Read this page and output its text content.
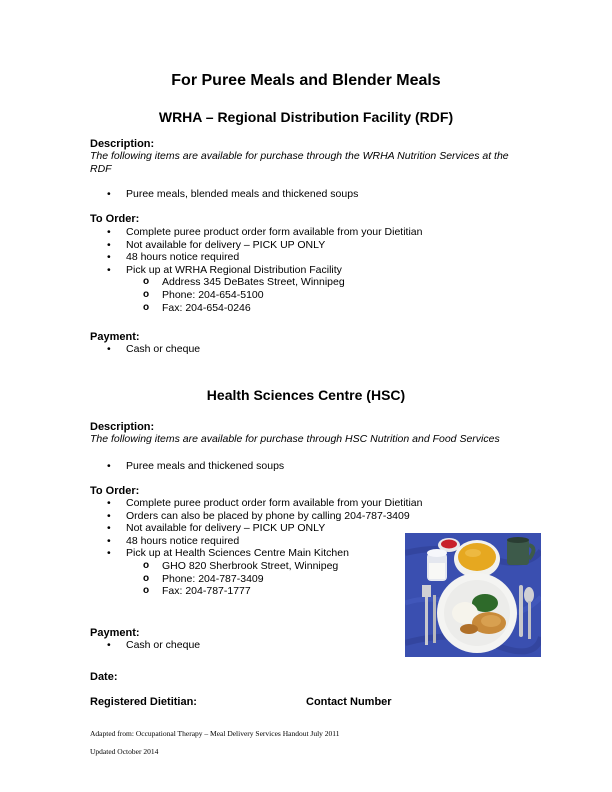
For Puree Meals and Blender Meals
WRHA – Regional Distribution Facility (RDF)
Description:
The following items are available for purchase through the WRHA Nutrition Services at the RDF
• Puree meals, blended meals and thickened soups
To Order:
• Complete puree product order form available from your Dietitian
• Not available for delivery – PICK UP ONLY
• 48 hours notice required
• Pick up at WRHA Regional Distribution Facility
o Address 345 DeBates Street, Winnipeg
o Phone: 204-654-5100
o Fax: 204-654-0246
Payment:
• Cash or cheque
Health Sciences Centre (HSC)
Description:
The following items are available for purchase through HSC Nutrition and Food Services
• Puree meals and thickened soups
To Order:
• Complete puree product order form available from your Dietitian
• Orders can also be placed by phone by calling 204-787-3409
• Not available for delivery – PICK UP ONLY
• 48 hours notice required
• Pick up at Health Sciences Centre Main Kitchen
o GHO 820 Sherbrook Street, Winnipeg
o Phone: 204-787-3409
o Fax: 204-787-1777
Payment:
• Cash or cheque
Date:
Registered Dietitian:	Contact Number
Adapted from: Occupational Therapy – Meal Delivery Services Handout July 2011
Updated October 2014
